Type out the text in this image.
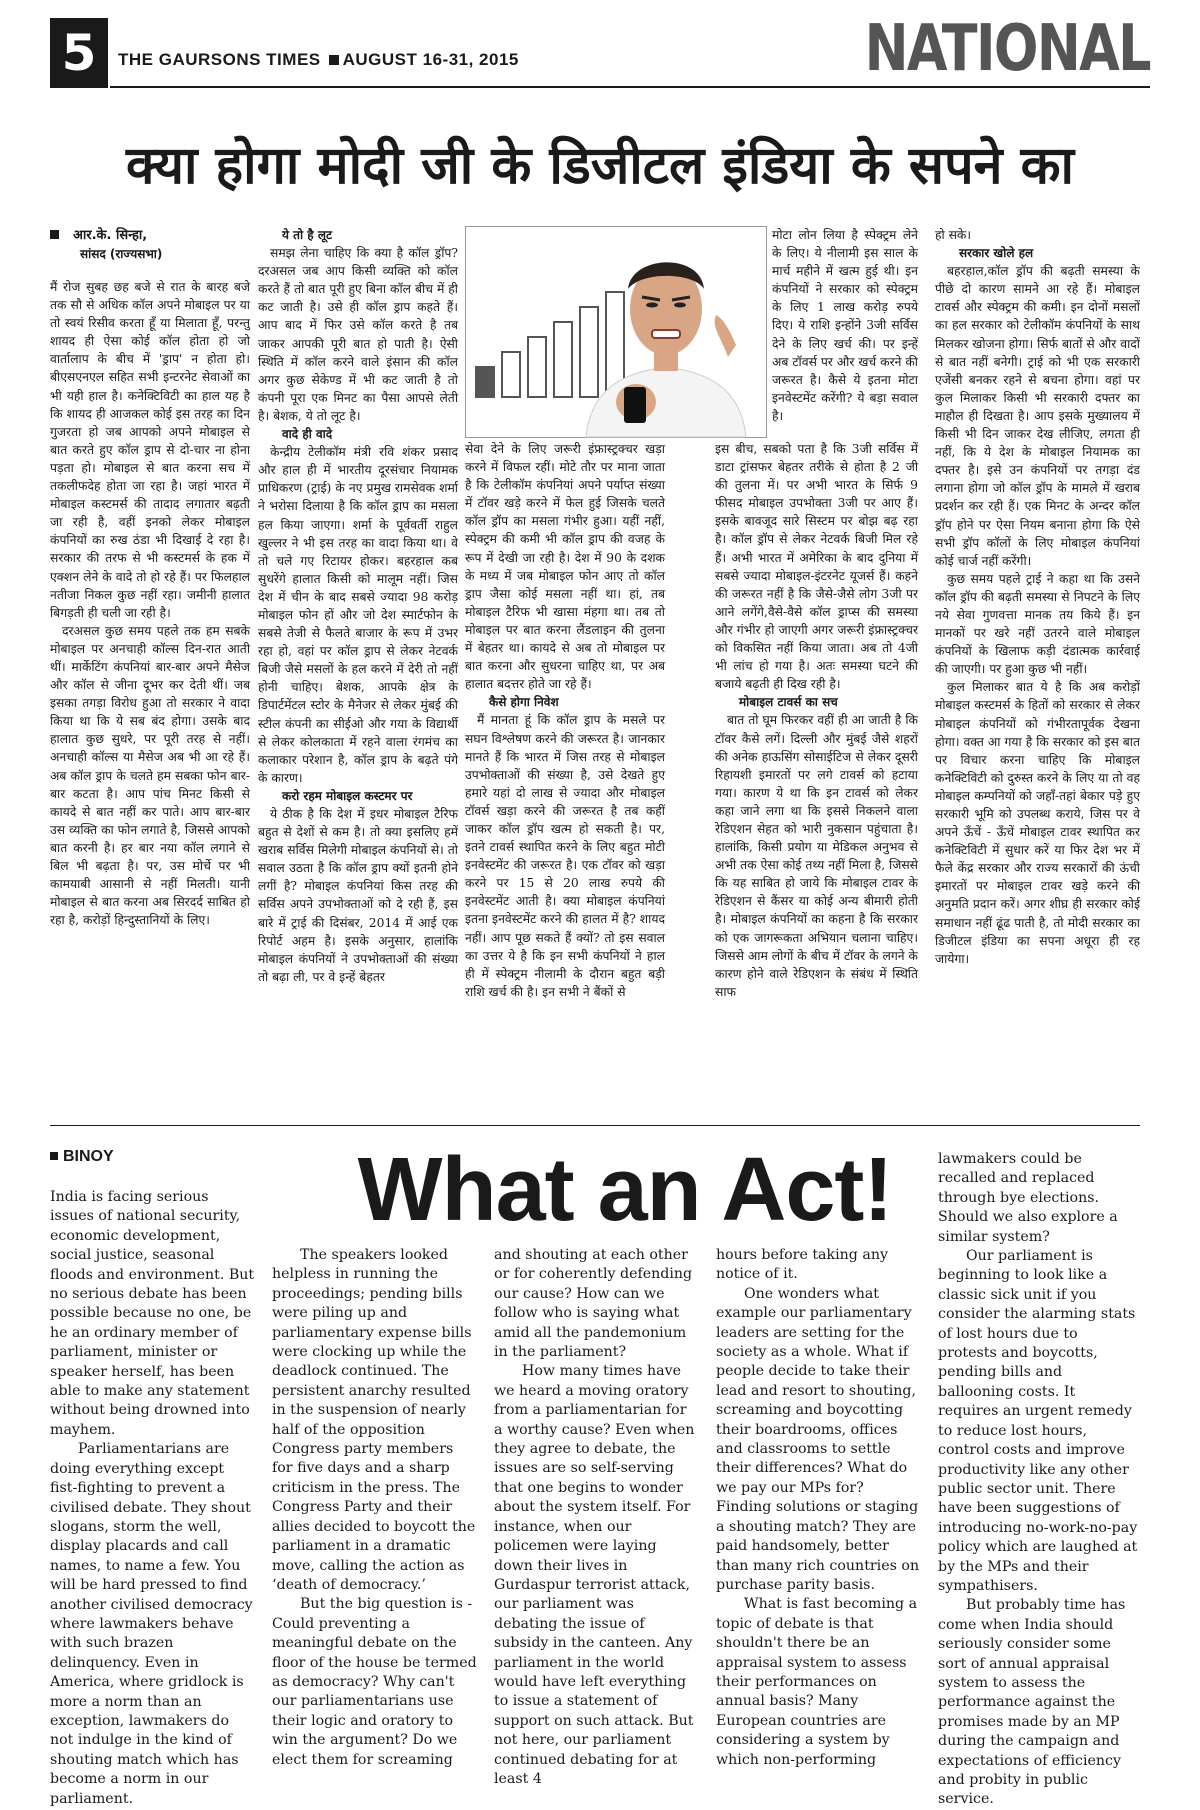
5	THE GAURSONS TIMES AUGUST 16-31, 2015	NATIONAL
क्या होगा मोदी जी के डिजीटल इंडिया के सपने का
आर.के. सिन्हा,
सांसद (राज्यसभा)

मैं रोज सुबह छह बजे से रात के बारह बजे तक सौ से अधिक कॉल अपने मोबाइल पर या तो स्वयं रिसीव करता हूँ या मिलाता हूँ, परन्तु शायद ही ऐसा कोई कॉल होता हो जो वार्तालाप के बीच में 'ड्राप' न होता हो। बीएसएनएल सहित सभी इन्टरनेट सेवाओं का भी यही हाल है। कनेक्टिविटी का हाल यह है कि शायद ही आजकल कोई इस तरह का दिन गुजरता हो जब आपको अपने मोबाइल से बात करते हुए कॉल ड्राप से दो-चार ना होना पड़ता हो। मोबाइल से बात करना सच में तकलीफदेह होता जा रहा है। जहां भारत में मोबाइल कस्टमर्स की तादाद लगातार बढ़ती जा रही है, वहीं इनको लेकर मोबाइल कंपनियों का रुख ठंडा भी दिखाई दे रहा है। सरकार की तरफ से भी कस्टमर्स के हक में एक्शन लेने के वादे तो हो रहे हैं। पर फिलहाल नतीजा निकल कुछ नहीं रहा। जमीनी हालात बिगड़ती ही चली जा रही है।

दरअसल कुछ समय पहले तक हम सबके मोबाइल पर अनचाही कॉल्स दिन-रात आती थीं। मार्केटिंग कंपनियां बार-बार अपने मैसेज और कॉल से जीना दूभर कर देती थीं। जब इसका तगड़ा विरोध हुआ तो सरकार ने वादा किया था कि ये सब बंद होगा। उसके बाद हालात कुछ सुधरे, पर पूरी तरह से नहीं। अनचाही कॉल्स या मैसेज अब भी आ रहे हैं। अब कॉल ड्राप के चलते हम सबका फोन बार-बार कटता है। आप पांच मिनट किसी से कायदे से बात नहीं कर पाते। आप बार-बार उस व्यक्ति का फोन लगाते है, जिससे आपको बात करनी है। हर बार नया कॉल लगाने से बिल भी बढ़ता है। पर, उस मोर्चे पर भी कामयाबी आसानी से नहीं मिलती। यानी मोबाइल से बात करना अब सिरदर्द साबित हो रहा है, करोड़ों हिन्दुस्तानियों के लिए।

ये तो है लूट

समझ लेना चाहिए कि क्या है कॉल ड्रॉप? दरअसल जब आप किसी व्यक्ति को कॉल करते हैं तो बात पूरी हुए बिना कॉल बीच में ही कट जाती है। उसे ही कॉल ड्राप कहते हैं। आप बाद में फिर उसे कॉल करते है तब जाकर आपकी पूरी बात हो पाती है। ऐसी स्थिति में कॉल करने वाले इंसान की कॉल अगर कुछ सेकेण्ड में भी कट जाती है तो कंपनी पूरा एक मिनट का पैसा आपसे लेती है। बेशक, ये तो लूट है।

वादे ही वादे

केन्द्रीय टेलीकॉम मंत्री रवि शंकर प्रसाद और हाल ही में भारतीय दूरसंचार नियामक प्राधिकरण (ट्राई) के नए प्रमुख रामसेवक शर्मा ने भरोसा दिलाया है कि कॉल ड्राप का मसला हल किया जाएगा। शर्मा के पूर्ववर्ती राहुल खुल्लर ने भी इस तरह का वादा किया था। वे तो चले गए रिटायर होकर। बहरहाल कब सुधरेंगे हालात किसी को मालूम नहीं। जिस देश में चीन के बाद सबसे ज्यादा 98 करोड़ मोबाइल फोन हों और जो देश स्मार्टफोन के सबसे तेजी से फैलते बाजार के रूप में उभर रहा हो, वहां पर कॉल ड्राप से लेकर नेटवर्क बिजी जैसे मसलों के हल करने में देरी तो नहीं होनी चाहिए। बेशक, आपके क्षेत्र के डिपार्टमेंटल स्टोर के मैनेजर से लेकर मुंबई की स्टील कंपनी का सीईओ और गया के विद्यार्थी से लेकर कोलकाता में रहने वाला रंगमंच का कलाकार परेशान है, कॉल ड्राप के बढ़ते पंगे के कारण।

करो रहम मोबाइल कस्टमर पर

ये ठीक है कि देश में इधर मोबाइल टैरिफ बहुत से देशों से कम है। तो क्या इसलिए हमें खराब सर्विस मिलेगी मोबाइल कंपनियों से। तो सवाल उठता है कि कॉल ड्राप क्यों इतनी होने लगीं है? मोबाइल कंपनियां किस तरह की सर्विस अपने उपभोक्ताओं को दे रही हैं, इस बारे में ट्राई की दिसंबर, 2014 में आई एक रिपोर्ट अहम है। इसके अनुसार, हालांकि मोबाइल कंपनियों ने उपभोक्ताओं की संख्या तो बढ़ा ली, पर वे इन्हें बेहतर

सेवा देने के लिए जरूरी इंफ्रास्ट्रक्चर खड़ा करने में विफल रहीं। मोटे तौर पर माना जाता है कि टेलीकॉम कंपनियां अपने पर्याप्त संख्या में टॉवर खड़े करने में फेल हुई जिसके चलते कॉल ड्रॉप का मसला गंभीर हुआ। यहीं नहीं, स्पेक्ट्रम की कमी भी कॉल ड्राप की वजह के रूप में देखी जा रही है। देश में 90 के दशक के मध्य में जब मोबाइल फोन आए तो कॉल ड्राप जैसा कोई मसला नहीं था। हां, तब मोबाइल टैरिफ भी खासा मंहगा था। तब तो मोबाइल पर बात करना लैंडलाइन की तुलना में बेहतर था। कायदे से अब तो मोबाइल पर बात करना और सुधरना चाहिए था, पर अब हालात बदत्तर होते जा रहे हैं।

कैसे होगा निवेश

मैं मानता हूं कि कॉल ड्राप के मसले पर सघन विश्लेषण करने की जरूरत है। जानकार मानते हैं कि भारत में जिस तरह से मोबाइल उपभोक्ताओं की संख्या है, उसे देखते हुए हमारे यहां दो लाख से ज्यादा और मोबाइल टॉवर्स खड़ा करने की जरूरत है तब कहीं जाकर कॉल ड्रॉप खत्म हो सकती है। पर, इतने टावर्स स्थापित करने के लिए बहुत मोटी इनवेस्टमेंट की जरूरत है। एक टॉवर को खड़ा करने पर 15 से 20 लाख रुपये की इनवेस्टमेंट आती है। क्या मोबाइल कंपनियां इतना इनवेस्टमेंट करने की हालत में है? शायद नहीं। आप पूछ सकते हैं क्यों? तो इस सवाल का उत्तर ये है कि इन सभी कंपनियों ने हाल ही में स्पेक्ट्रम नीलामी के दौरान बहुत बड़ी राशि खर्च की है। इन सभी ने बैंकों से

मोटा लोन लिया है स्पेक्ट्रम लेने के लिए। ये नीलामी इस साल के मार्च महीने में खत्म हुई थी। इन कंपनियों ने सरकार को स्पेक्ट्रम के लिए 1 लाख करोड़ रुपये दिए। ये राशि इन्होंने 3जी सर्विस देने के लिए खर्च की। पर इन्हें अब टॉवर्स पर और खर्च करने की जरूरत है। कैसे ये इतना मोटा इनवेस्टमेंट करेंगी? ये बड़ा सवाल है।

इस बीच, सबको पता है कि 3जी सर्विस में डाटा ट्रांसफर बेहतर तरीके से होता है 2 जी की तुलना में। पर अभी भारत के सिर्फ 9 फीसद मोबाइल उपभोक्ता 3जी पर आए हैं। इसके बावजूद सारे सिस्टम पर बोझ बढ़ रहा है। कॉल ड्रॉप से लेकर नेटवर्क बिजी मिल रहे हैं। अभी भारत में अमेरिका के बाद दुनिया में सबसे ज्यादा मोबाइल-इंटरनेट यूजर्स हैं। कहने की जरूरत नहीं है कि जैसे-जैसे लोग 3जी पर आने लगेंगे,वैसे-वैसे कॉल ड्राप्स की समस्या और गंभीर हो जाएगी अगर जरूरी इंफ्रास्ट्रक्चर को विकसित नहीं किया जाता। अब तो 4जी भी लांच हो गया है। अतः समस्या घटने की बजाये बढ़ती ही दिख रही है।

मोबाइल टावर्स का सच

बात तो घूम फिरकर वहीं ही आ जाती है कि टॉवर कैसे लगें। दिल्ली और मुंबई जैसे शहरों की अनेक हाऊसिंग सोसाईटिज से लेकर दूसरी रिहायशी इमारतों पर लगे टावर्स को हटाया गया। कारण ये था कि इन टावर्स को लेकर कहा जाने लगा था कि इससे निकलने वाला रेडिएशन सेहत को भारी नुकसान पहुंचाता है। हालांकि, किसी प्रयोग या मेडिकल अनुभव से अभी तक ऐसा कोई तथ्य नहीं मिला है, जिससे कि यह साबित हो जाये कि मोबाइल टावर के रेडिएशन से कैंसर या कोई अन्य बीमारी होती है। मोबाइल कंपनियों का कहना है कि सरकार को एक जागरूकता अभियान चलाना चाहिए। जिससे आम लोगों के बीच में टॉवर के लगने के कारण होने वाले रेडिएशन के संबंध में स्थिति साफ

हो सके।

सरकार खोले हल

बहरहाल,कॉल ड्रॉप की बढ़ती समस्या के पीछे दो कारण सामने आ रहे हैं। मोबाइल टावर्स और स्पेक्ट्रम की कमी। इन दोनों मसलों का हल सरकार को टेलीकॉम कंपनियों के साथ मिलकर खोजना होगा। सिर्फ बातों से और वादों से बात नहीं बनेगी। ट्राई को भी एक सरकारी एजेंसी बनकर रहने से बचना होगा। वहां पर कुल मिलाकर किसी भी सरकारी दफ्तर का माहौल ही दिखता है। आप इसके मुख्यालय में किसी भी दिन जाकर देख लीजिए, लगता ही नहीं, कि ये देश के मोबाइल नियामक का दफ्तर है। इसे उन कंपनियों पर तगड़ा दंड लगाना होगा जो कॉल ड्रॉप के मामले में खराब प्रदर्शन कर रही हैं। एक मिनट के अन्दर कॉल ड्रॉप होने पर ऐसा नियम बनाना होगा कि ऐसे सभी ड्रॉप कॉलों के लिए मोबाइल कंपनियां कोई चार्ज नहीं करेंगी।

कुछ समय पहले ट्राई ने कहा था कि उसने कॉल ड्रॉप की बढ़ती समस्या से निपटने के लिए नये सेवा गुणवत्ता मानक तय किये हैं। इन मानकों पर खरे नहीं उतरने वाले मोबाइल कंपनियों के खिलाफ कड़ी दंडात्मक कार्रवाई की जाएगी। पर हुआ कुछ भी नहीं।

कुल मिलाकर बात ये है कि अब करोड़ों मोबाइल कस्टमर्स के हितों को सरकार से लेकर मोबाइल कंपनियों को गंभीरतापूर्वक देखना होगा। वक्त आ गया है कि सरकार को इस बात पर विचार करना चाहिए कि मोबाइल कनेक्टिविटी को दुरुस्त करने के लिए या तो वह मोबाइल कम्पनियों को जहाँ-तहां बेकार पड़े हुए सरकारी भूमि को उपलब्ध कराये, जिस पर वे अपने ऊँचें - ऊँचें मोबाइल टावर स्थापित कर कनेक्टिविटी में सुधार करें या फिर देश भर में फैले केंद्र सरकार और राज्य सरकारों की ऊंची इमारतों पर मोबाइल टावर खड़े करने की अनुमति प्रदान करें। अगर शीघ्र ही सरकार कोई समाधान नहीं ढूंढ पाती है, तो मोदी सरकार का डिजीटल इंडिया का सपना अधूरा ही रह जायेगा।

BINOY	What an Act!

India is facing serious issues of national security, economic development, social justice, seasonal floods and environment. But no serious debate has been possible because no one, be he an ordinary member of parliament, minister or speaker herself, has been able to make any statement without being drowned into mayhem.

Parliamentarians are doing everything except fist-fighting to prevent a civilised debate. They shout slogans, storm the well, display placards and call names, to name a few. You will be hard pressed to find another civilised democracy where lawmakers behave with such brazen delinquency. Even in America, where gridlock is more a norm than an exception, lawmakers do not indulge in the kind of shouting match which has become a norm in our parliament.

The speakers looked helpless in running the proceedings; pending bills were piling up and parliamentary expense bills were clocking up while the deadlock continued. The persistent anarchy resulted in the suspension of nearly half of the opposition Congress party members for five days and a sharp criticism in the press. The Congress Party and their allies decided to boycott the parliament in a dramatic move, calling the action as ‘death of democracy.’

But the big question is - Could preventing a meaningful debate on the floor of the house be termed as democracy? Why can't our parliamentarians use their logic and oratory to win the argument? Do we elect them for screaming

and shouting at each other or for coherently defending our cause? How can we follow who is saying what amid all the pandemonium in the parliament?

How many times have we heard a moving oratory from a parliamentarian for a worthy cause? Even when they agree to debate, the issues are so self-serving that one begins to wonder about the system itself. For instance, when our policemen were laying down their lives in Gurdaspur terrorist attack, our parliament was debating the issue of subsidy in the canteen. Any parliament in the world would have left everything to issue a statement of support on such attack. But not here, our parliament continued debating for at least 4

hours before taking any notice of it.

One wonders what example our parliamentary leaders are setting for the society as a whole. What if people decide to take their lead and resort to shouting, screaming and boycotting their boardrooms, offices and classrooms to settle their differences? What do we pay our MPs for? Finding solutions or staging a shouting match? They are paid handsomely, better than many rich countries on purchase parity basis.

What is fast becoming a topic of debate is that shouldn't there be an appraisal system to assess their performances on annual basis? Many European countries are considering a system by which non-performing

lawmakers could be recalled and replaced through bye elections. Should we also explore a similar system?

Our parliament is beginning to look like a classic sick unit if you consider the alarming stats of lost hours due to protests and boycotts, pending bills and ballooning costs. It requires an urgent remedy to reduce lost hours, control costs and improve productivity like any other public sector unit. There have been suggestions of introducing no-work-no-pay policy which are laughed at by the MPs and their sympathisers.

But probably time has come when India should seriously consider some sort of annual appraisal system to assess the performance against the promises made by an MP during the campaign and expectations of efficiency and probity in public service.
